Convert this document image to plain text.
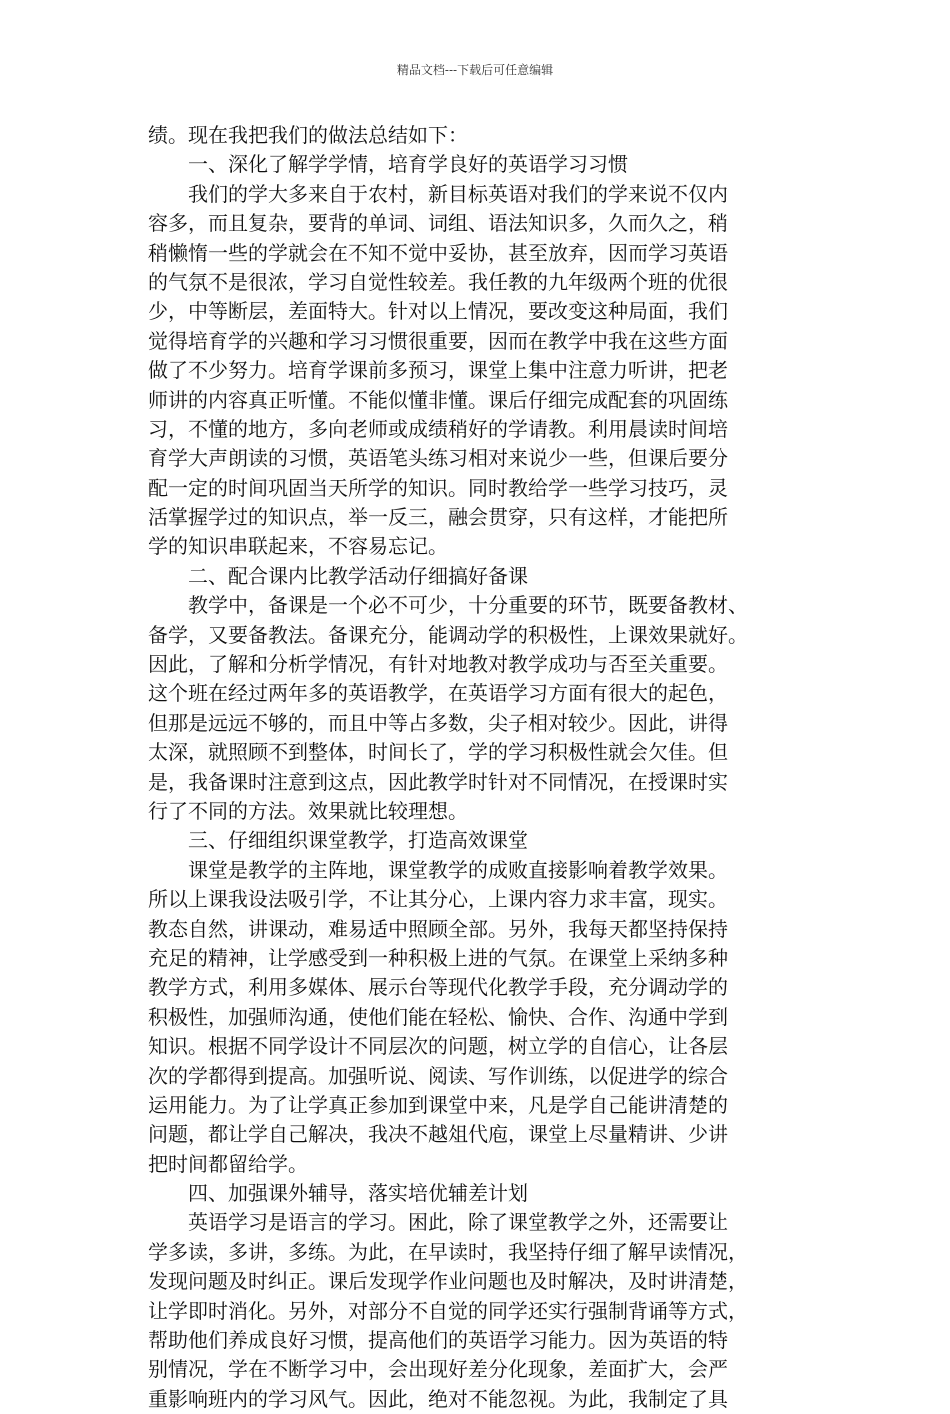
精品文档---下载后可任意编辑
绩。现在我把我们的做法总结如下：
　　一、深化了解学学情，培育学良好的英语学习习惯
　　我们的学大多来自于农村，新目标英语对我们的学来说不仅内
容多，而且复杂，要背的单词、词组、语法知识多，久而久之，稍
稍懒惰一些的学就会在不知不觉中妥协，甚至放弃，因而学习英语
的气氛不是很浓，学习自觉性较差。我任教的九年级两个班的优很
少，中等断层，差面特大。针对以上情况，要改变这种局面，我们
觉得培育学的兴趣和学习习惯很重要，因而在教学中我在这些方面
做了不少努力。培育学课前多预习，课堂上集中注意力听讲，把老
师讲的内容真正听懂。不能似懂非懂。课后仔细完成配套的巩固练
习，不懂的地方，多向老师或成绩稍好的学请教。利用晨读时间培
育学大声朗读的习惯，英语笔头练习相对来说少一些，但课后要分
配一定的时间巩固当天所学的知识。同时教给学一些学习技巧，灵
活掌握学过的知识点，举一反三，融会贯穿，只有这样，才能把所
学的知识串联起来，不容易忘记。
　　二、配合课内比教学活动仔细搞好备课
　　教学中，备课是一个必不可少，十分重要的环节，既要备教材、
备学，又要备教法。备课充分，能调动学的积极性，上课效果就好。
因此，了解和分析学情况，有针对地教对教学成功与否至关重要。
这个班在经过两年多的英语教学，在英语学习方面有很大的起色，
但那是远远不够的，而且中等占多数，尖子相对较少。因此，讲得
太深，就照顾不到整体，时间长了，学的学习积极性就会欠佳。但
是，我备课时注意到这点，因此教学时针对不同情况，在授课时实
行了不同的方法。效果就比较理想。
　　三、仔细组织课堂教学，打造高效课堂
　　课堂是教学的主阵地，课堂教学的成败直接影响着教学效果。
所以上课我设法吸引学，不让其分心，上课内容力求丰富，现实。
教态自然，讲课动，难易适中照顾全部。另外，我每天都坚持保持
充足的精神，让学感受到一种积极上进的气氛。在课堂上采纳多种
教学方式，利用多媒体、展示台等现代化教学手段，充分调动学的
积极性，加强师沟通，使他们能在轻松、愉快、合作、沟通中学到
知识。根据不同学设计不同层次的问题，树立学的自信心，让各层
次的学都得到提高。加强听说、阅读、写作训练，以促进学的综合
运用能力。为了让学真正参加到课堂中来，凡是学自己能讲清楚的
问题，都让学自己解决，我决不越俎代庖，课堂上尽量精讲、少讲
把时间都留给学。
　　四、加强课外辅导，落实培优辅差计划
　　英语学习是语言的学习。困此，除了课堂教学之外，还需要让
学多读，多讲，多练。为此，在早读时，我坚持仔细了解早读情况，
发现问题及时纠正。课后发现学作业问题也及时解决，及时讲清楚，
让学即时消化。另外，对部分不自觉的同学还实行强制背诵等方式，
帮助他们养成良好习惯，提高他们的英语学习能力。因为英语的特
别情况，学在不断学习中，会出现好差分化现象，差面扩大，会严
重影响班内的学习风气。因此，绝对不能忽视。为此，我制定了具
